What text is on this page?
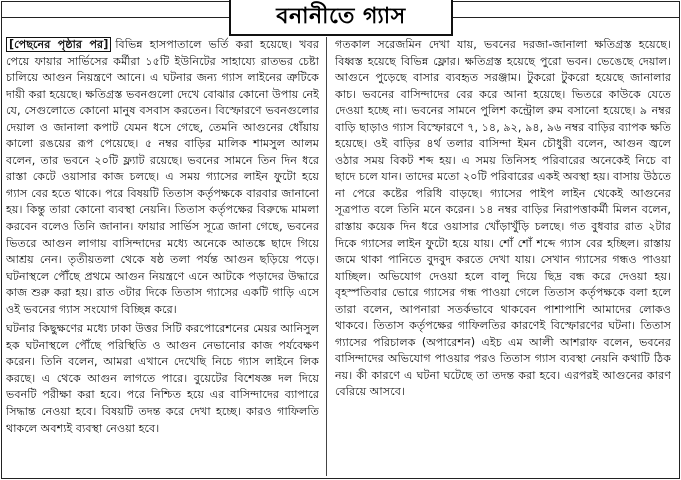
বনানীতে গ্যাস

[পেছনের পৃষ্ঠার পর] বিভিন্ন হাসপাতালে ভর্তি করা হয়েছে। খবর পেয়ে ফায়ার সার্ভিসের কর্মীরা ১৫টি ইউনিটের সাহায্যে রাতভর চেষ্টা চালিয়ে আগুন নিয়ন্ত্রণে আনে। এ ঘটনার জন্য গ্যাস লাইনের ত্রুটিকে দায়ী করা হয়েছে। ক্ষতিগ্রস্ত ভবনগুলো দেখে বোঝার কোনো উপায় নেই যে, সেগুলোতে কোনো মানুষ বসবাস করতেন। বিস্ফোরণে ভবনগুলোর দেয়াল ও জানালা কপাট যেমন ধসে গেছে, তেমনি আগুনের ধোঁয়ায় কালো রঙয়ের রূপ পেয়েছে। ৫ নম্বর বাড়ির মালিক শামসুল আলম বলেন, তার ভবনে ২০টি ফ্ল্যাট রয়েছে। ভবনের সামনে তিন দিন ধরে রাস্তা কেটে ওয়াসার কাজ চলছে। এ সময় গ্যাসের লাইন ফুটো হয়ে গ্যাস বের হতে থাকে। পরে বিষয়টি তিতাস কর্তৃপক্ষকে বারবার জানানো হয়। কিন্তু তারা কোনো ব্যবস্থা নেয়নি। তিতাস কর্তৃপক্ষের বিরুদ্ধে মামলা করবেন বলেও তিনি জানান। ফায়ার সার্ভিস সূত্রে জানা গেছে, ভবনের ভিতরে আগুন লাগায় বাসিন্দাদের মধ্যে অনেকে আতঙ্কে ছাদে গিয়ে আশ্রয় নেন। তৃতীয়তলা থেকে ষষ্ঠ তলা পর্যন্ত আগুন ছড়িয়ে পড়ে। ঘটনাস্থলে পৌঁছে প্রথমে আগুন নিয়ন্ত্রণে এনে আটকে পড়াদের উদ্ধারে কাজ শুরু করা হয়। রাত ৩টার দিকে তিতাস গ্যাসের একটি গাড়ি এসে ওই ভবনের গ্যাস সংযোগ বিচ্ছিন্ন করে।

ঘটনার কিছুক্ষণের মধ্যে ঢাকা উত্তর সিটি করপোরেশনের মেয়র আনিসুল হক ঘটনাস্থলে পৌঁছে পরিস্থিতি ও আগুন নেভানোর কাজ পর্যবেক্ষণ করেন। তিনি বলেন, আমরা এখানে দেখেছি নিচে গ্যাস লাইনে লিক করছে। এ থেকে আগুন লাগতে পারে। বুয়েটের বিশেষজ্ঞ দল দিয়ে ভবনটি পরীক্ষা করা হবে। পরে নিশ্চিত হয়ে এর বাসিন্দাদের ব্যাপারে সিদ্ধান্ত নেওয়া হবে। বিষয়টি তদন্ত করে দেখা হচ্ছে। কারও গাফিলতি থাকলে অবশ্যই ব্যবস্থা নেওয়া হবে।

গতকাল সরেজমিন দেখা যায়, ভবনের দরজা-জানালা ক্ষতিগ্রস্ত হয়েছে। বিধ্বস্ত হয়েছে বিভিন্ন ফ্লোর। ক্ষতিগ্রস্ত হয়েছে পুরো ভবন। ভেঙেছে দেয়াল। আগুনে পুড়েছে বাসার ব্যবহৃত সরঞ্জাম। টুকরো টুকরো হয়েছে জানালার কাচ। ভবনের বাসিন্দাদের বের করে আনা হয়েছে। ভিতরে কাউকে যেতে দেওয়া হচ্ছে না। ভবনের সামনে পুলিশ কন্ট্রোল রুম বসানো হয়েছে। ৯ নম্বর বাড়ি ছাড়াও গ্যাস বিস্ফোরণে ৭, ১৪, ৯২, ৯৪, ৯৬ নম্বর বাড়ির ব্যাপক ক্ষতি হয়েছে। ওই বাড়ির ৪র্থ তলার বাসিন্দা ইমন চৌধুরী বলেন, আগুন জ্বলে ওঠার সময় বিকট শব্দ হয়। এ সময় তিনিসহ পরিবারের অনেকেই নিচে বা ছাদে চলে যান। তাদের মতো ২০টি পরিবারের একই অবস্থা হয়। বাসায় উঠতে না পেরে কষ্টের পরিধি বাড়ছে। গ্যাসের পাইপ লাইন থেকেই আগুনের সূত্রপাত বলে তিনি মনে করেন। ১৪ নম্বর বাড়ির নিরাপত্তাকর্মী মিলন বলেন, রাস্তায় কয়েক দিন ধরে ওয়াসার খোঁড়াখুঁড়ি চলছে। গত বুধবার রাত ২টার দিকে গ্যাসের লাইন ফুটো হয়ে যায়। শোঁ শোঁ শব্দে গ্যাস বের হচ্ছিল। রাস্তায় জমে থাকা পানিতে বুদবুদ করতে দেখা যায়। সেখান গ্যাসের গন্ধও পাওয়া যাচ্ছিল। অভিযোগ দেওয়া হলে বালু দিয়ে ছিদ্র বন্ধ করে দেওয়া হয়। বৃহস্পতিবার ভোরে গ্যাসের গন্ধ পাওয়া গেলে তিতাস কর্তৃপক্ষকে বলা হলে তারা বলেন, আপনারা সতর্কভাবে থাকবেন পাশাপাশি আমাদের লোকও থাকবে। তিতাস কর্তৃপক্ষের গাফিলতির কারণেই বিস্ফোরণের ঘটনা। তিতাস গ্যাসের পরিচালক (অপারেশন) এইচ এম আলী আশরাফ বলেন, ভবনের বাসিন্দাদের অভিযোগ পাওয়ার পরও তিতাস গ্যাস ব্যবস্থা নেয়নি কথাটি ঠিক নয়। কী কারণে এ ঘটনা ঘটেছে তা তদন্ত করা হবে। এরপরই আগুনের কারণ বেরিয়ে আসবে।
